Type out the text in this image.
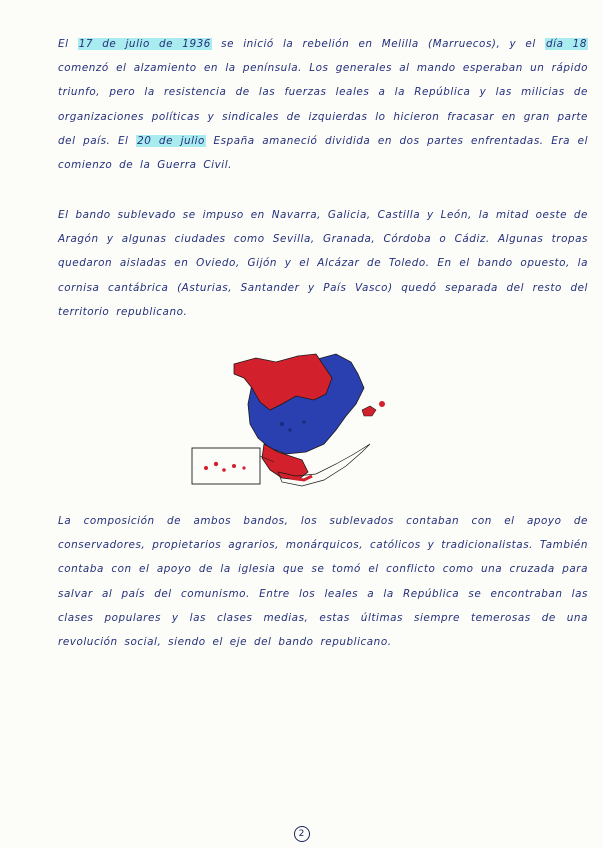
El 17 de julio de 1936 se inició la rebelión en Melilla (Marruecos), y el día 18 comenzó el alzamiento en la península. Los generales al mando esperaban un rápido triunfo, pero la resistencia de las fuerzas leales a la República y las milicias de organizaciones políticas y sindicales de izquierdas lo hicieron fracasar en gran parte del país. El 20 de julio España amaneció dividida en dos partes enfrentadas. Era el comienzo de la Guerra Civil.
El bando sublevado se impuso en Navarra, Galicia, Castilla y León, la mitad oeste de Aragón y algunas ciudades como Sevilla, Granada, Córdoba o Cádiz. Algunas tropas quedaron aisladas en Oviedo, Gijón y el Alcázar de Toledo. En el bando opuesto, la cornisa cantábrica (Asturias, Santander y País Vasco) quedó separada del resto del territorio republicano.
La composición de ambos bandos, los sublevados contaban con el apoyo de conservadores, propietarios agrarios, monárquicos, católicos y tradicionalistas. También contaba con el apoyo de la iglesia que se tomó el conflicto como una cruzada para salvar al país del comunismo. Entre los leales a la República se encontraban las clases populares y las clases medias, estas últimas siempre temerosas de una revolución social, siendo el eje del bando republicano.
2
